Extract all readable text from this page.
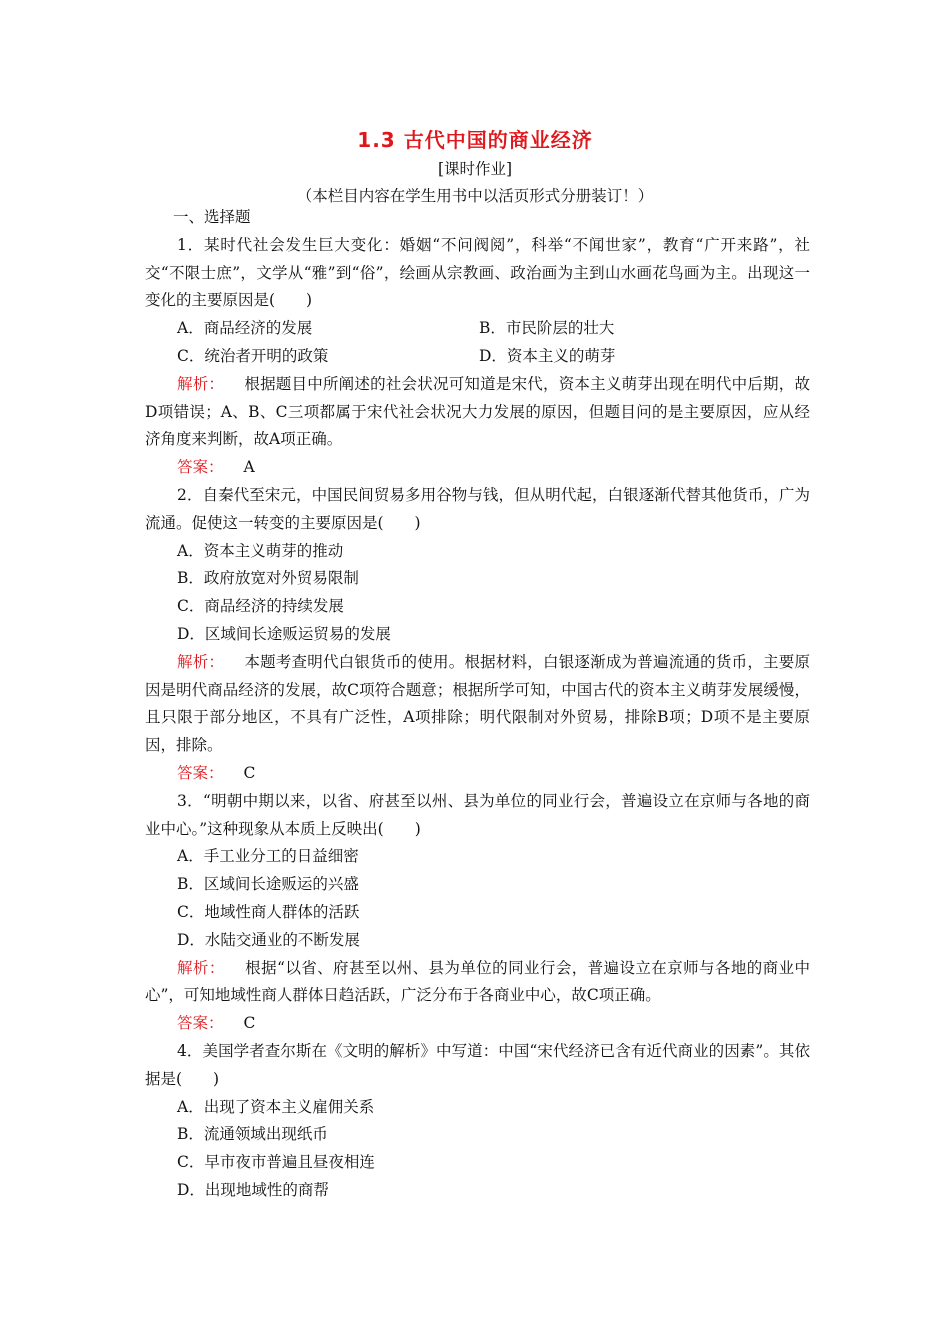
1.3 古代中国的商业经济
[课时作业]
（本栏目内容在学生用书中以活页形式分册装订！）

一、选择题

1．某时代社会发生巨大变化：婚姻“不问阀阅”，科举“不闻世家”，教育“广开来路”，社交“不限士庶”，文学从“雅”到“俗”，绘画从宗教画、政治画为主到山水画花鸟画为主。出现这一变化的主要原因是(　　)

A．商品经济的发展	B．市民阶层的壮大
C．统治者开明的政策	D．资本主义的萌芽

解析： 根据题目中所阐述的社会状况可知道是宋代，资本主义萌芽出现在明代中后期，故D项错误；A、B、C三项都属于宋代社会状况大力发展的原因，但题目问的是主要原因，应从经济角度来判断，故A项正确。

答案： A

2．自秦代至宋元，中国民间贸易多用谷物与钱，但从明代起，白银逐渐代替其他货币，广为流通。促使这一转变的主要原因是(　　)

A．资本主义萌芽的推动

B．政府放宽对外贸易限制

C．商品经济的持续发展

D．区域间长途贩运贸易的发展

解析： 本题考查明代白银货币的使用。根据材料，白银逐渐成为普遍流通的货币，主要原因是明代商品经济的发展，故C项符合题意；根据所学可知，中国古代的资本主义萌芽发展缓慢，且只限于部分地区，不具有广泛性，A项排除；明代限制对外贸易，排除B项；D项不是主要原因，排除。

答案： C

3．“明朝中期以来，以省、府甚至以州、县为单位的同业行会，普遍设立在京师与各地的商业中心。”这种现象从本质上反映出(　　)

A．手工业分工的日益细密

B．区域间长途贩运的兴盛

C．地域性商人群体的活跃

D．水陆交通业的不断发展

解析： 根据“以省、府甚至以州、县为单位的同业行会，普遍设立在京师与各地的商业中心”，可知地域性商人群体日趋活跃，广泛分布于各商业中心，故C项正确。

答案： C

4．美国学者查尔斯在《文明的解析》中写道：中国“宋代经济已含有近代商业的因素”。其依据是(　　)

A．出现了资本主义雇佣关系

B．流通领域出现纸币

C．早市夜市普遍且昼夜相连

D．出现地域性的商帮
